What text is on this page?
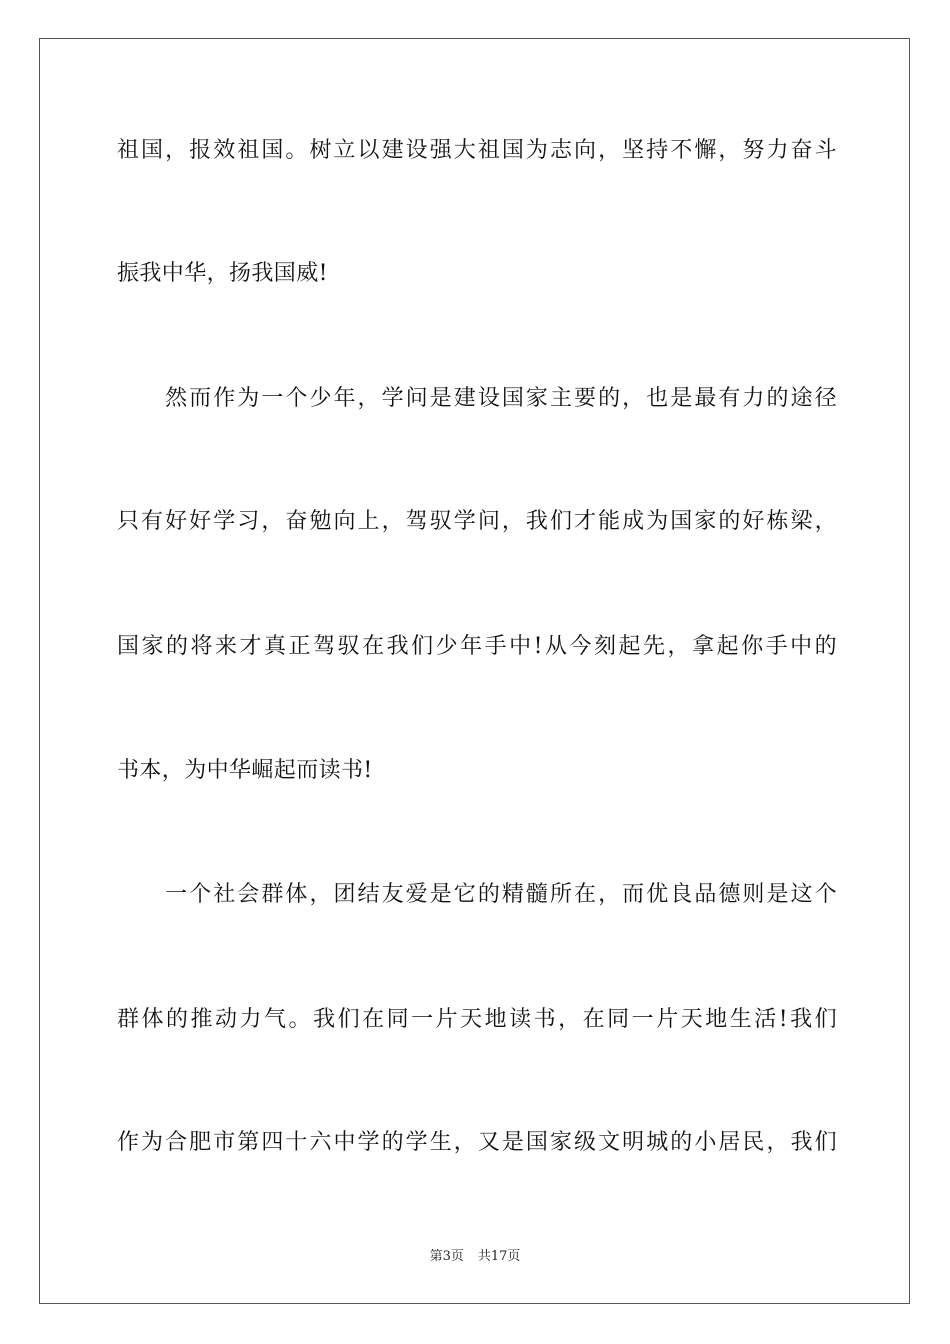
祖国，报效祖国。树立以建设强大祖国为志向，坚持不懈，努力奋斗
振我中华，扬我国威!
　　然而作为一个少年，学问是建设国家主要的，也是最有力的途径
只有好好学习，奋勉向上，驾驭学问，我们才能成为国家的好栋梁，
国家的将来才真正驾驭在我们少年手中!从今刻起先，拿起你手中的
书本，为中华崛起而读书!
　　一个社会群体，团结友爱是它的精髓所在，而优良品德则是这个
群体的推动力气。我们在同一片天地读书，在同一片天地生活!我们
作为合肥市第四十六中学的学生，又是国家级文明城的小居民，我们
第3页 共17页
